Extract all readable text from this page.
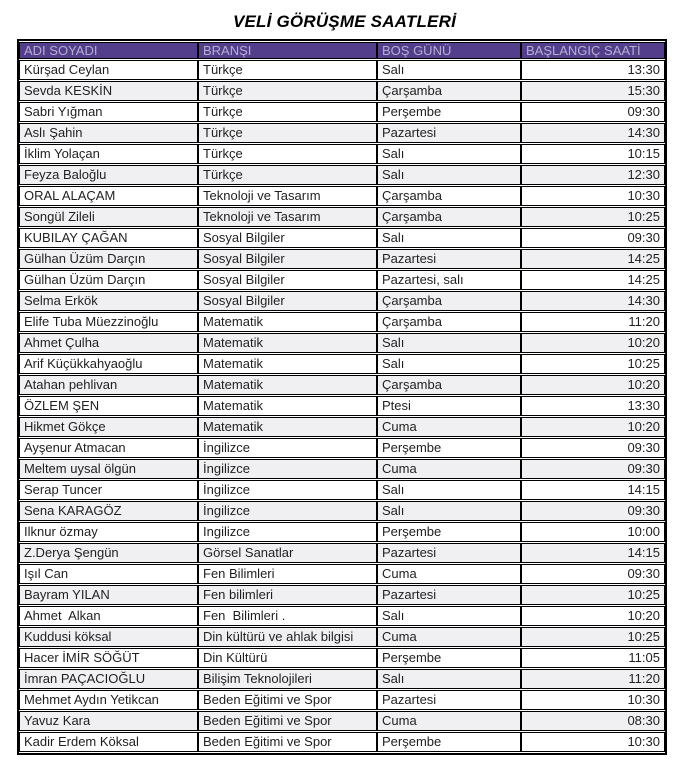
VELİ GÖRÜŞME SAATLERİ
ADI SOYADI	BRANŞI	BOŞ GÜNÜ	BAŞLANGIÇ SAATİ
Kürşad Ceylan	Türkçe	Salı	13:30
Sevda KESKİN	Türkçe	Çarşamba	15:30
Sabri Yığman	Türkçe	Perşembe	09:30
Aslı Şahin	Türkçe	Pazartesi	14:30
İklim Yolaçan	Türkçe	Salı	10:15
Feyza Baloğlu	Türkçe	Salı	12:30
ORAL ALAÇAM	Teknoloji ve Tasarım	Çarşamba	10:30
Songül Zileli	Teknoloji ve Tasarım	Çarşamba	10:25
KUBILAY ÇAĞAN	Sosyal Bilgiler	Salı	09:30
Gülhan Üzüm Darçın	Sosyal Bilgiler	Pazartesi	14:25
Gülhan Üzüm Darçın	Sosyal Bilgiler	Pazartesi, salı	14:25
Selma Erkök	Sosyal Bilgiler	Çarşamba	14:30
Elife Tuba Müezzinoğlu	Matematik	Çarşamba	11:20
Ahmet Çulha	Matematik	Salı	10:20
Arif Küçükkahyaoğlu	Matematik	Salı	10:25
Atahan pehlivan	Matematik	Çarşamba	10:20
ÖZLEM ŞEN	Matematik	Ptesi	13:30
Hikmet Gökçe	Matematik	Cuma	10:20
Ayşenur Atmacan	İngilizce	Perşembe	09:30
Meltem uysal ölgün	İngilizce	Cuma	09:30
Serap Tuncer	İngilizce	Salı	14:15
Sena KARAGÖZ	İngilizce	Salı	09:30
Ilknur özmay	Ingilizce	Perşembe	10:00
Z.Derya Şengün	Görsel Sanatlar	Pazartesi	14:15
Işıl Can	Fen Bilimleri	Cuma	09:30
Bayram YILAN	Fen bilimleri	Pazartesi	10:25
Ahmet  Alkan	Fen  Bilimleri .	Salı	10:20
Kuddusi köksal	Din kültürü ve ahlak bilgisi	Cuma	10:25
Hacer İMİR SÖĞÜT	Din Kültürü	Perşembe	11:05
İmran PAÇACIOĞLU	Bilişim Teknolojileri	Salı	11:20
Mehmet Aydın Yetikcan	Beden Eğitimi ve Spor	Pazartesi	10:30
Yavuz Kara	Beden Eğitimi ve Spor	Cuma	08:30
Kadir Erdem Köksal	Beden Eğitimi ve Spor	Perşembe	10:30
